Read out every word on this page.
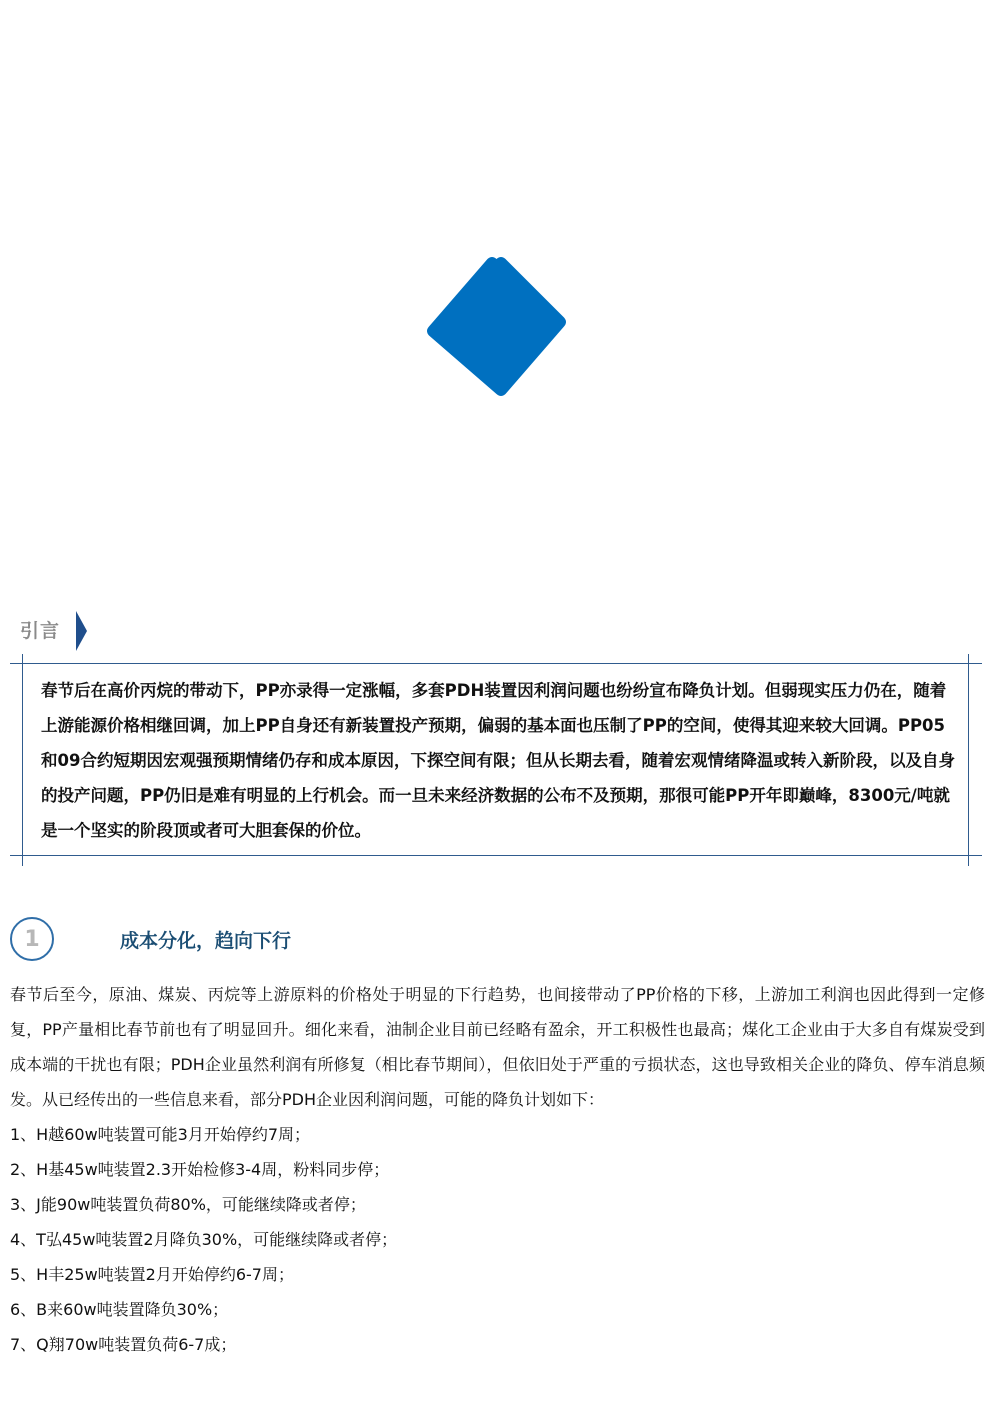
引言
春节后在高价丙烷的带动下，PP亦录得一定涨幅，多套PDH装置因利润问题也纷纷宣布降负计划。但弱现实压力仍在，随着上游能源价格相继回调，加上PP自身还有新装置投产预期，偏弱的基本面也压制了PP的空间，使得其迎来较大回调。PP05和09合约短期因宏观强预期情绪仍存和成本原因，下探空间有限；但从长期去看，随着宏观情绪降温或转入新阶段，以及自身的投产问题，PP仍旧是难有明显的上行机会。而一旦未来经济数据的公布不及预期，那很可能PP开年即巅峰，8300元/吨就是一个坚实的阶段顶或者可大胆套保的价位。
1	成本分化，趋向下行

春节后至今，原油、煤炭、丙烷等上游原料的价格处于明显的下行趋势，也间接带动了PP价格的下移，上游加工利润也因此得到一定修复，PP产量相比春节前也有了明显回升。细化来看，油制企业目前已经略有盈余，开工积极性也最高；煤化工企业由于大多自有煤炭受到成本端的干扰也有限；PDH企业虽然利润有所修复（相比春节期间），但依旧处于严重的亏损状态，这也导致相关企业的降负、停车消息频发。从已经传出的一些信息来看，部分PDH企业因利润问题，可能的降负计划如下：

1、H越60w吨装置可能3月开始停约7周；
2、H基45w吨装置2.3开始检修3-4周，粉料同步停；
3、J能90w吨装置负荷80%，可能继续降或者停；
4、T弘45w吨装置2月降负30%，可能继续降或者停；
5、H丰25w吨装置2月开始停约6-7周；
6、B来60w吨装置降负30%；
7、Q翔70w吨装置负荷6-7成；
